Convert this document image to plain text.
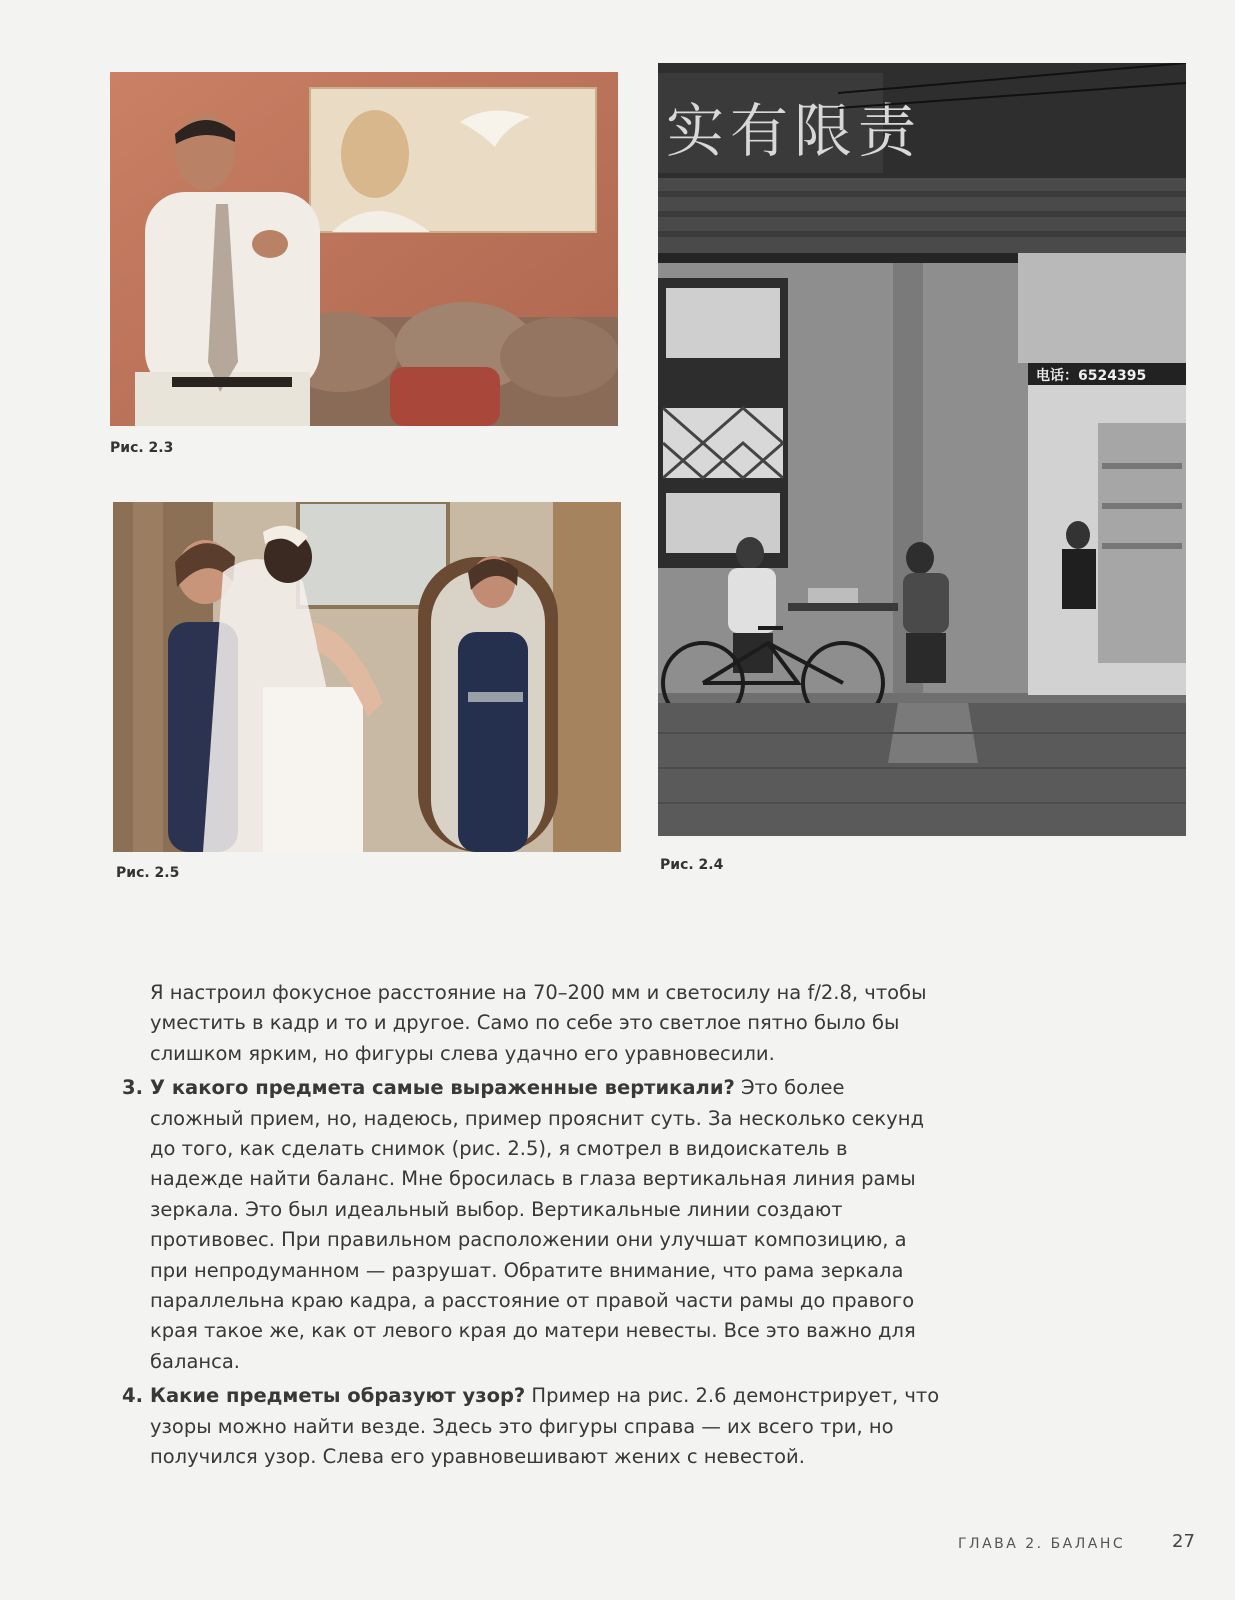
Рис. 2.3
Рис. 2.5
实有限责
电话：6524395
Рис. 2.4

Я настроил фокусное расстояние на 70–200 мм и светосилу на f/2.8, чтобы уместить в кадр и то и другое. Само по себе это светлое пятно было бы слишком ярким, но фигуры слева удачно его уравновесили.

3. У какого предмета самые выраженные вертикали? Это более сложный прием, но, надеюсь, пример прояснит суть. За несколько секунд до того, как сделать снимок (рис. 2.5), я смотрел в видоискатель в надежде найти баланс. Мне бросилась в глаза вертикальная линия рамы зеркала. Это был идеальный выбор. Вертикальные линии создают противовес. При правильном расположении они улучшат композицию, а при непродуманном — разрушат. Обратите внимание, что рама зеркала параллельна краю кадра, а расстояние от правой части рамы до правого края такое же, как от левого края до матери невесты. Все это важно для баланса.
4. Какие предметы образуют узор? Пример на рис. 2.6 демонстрирует, что узоры можно найти везде. Здесь это фигуры справа — их всего три, но получился узор. Слева его уравновешивают жених с невестой.
ГЛАВА 2. БАЛАНС	27
